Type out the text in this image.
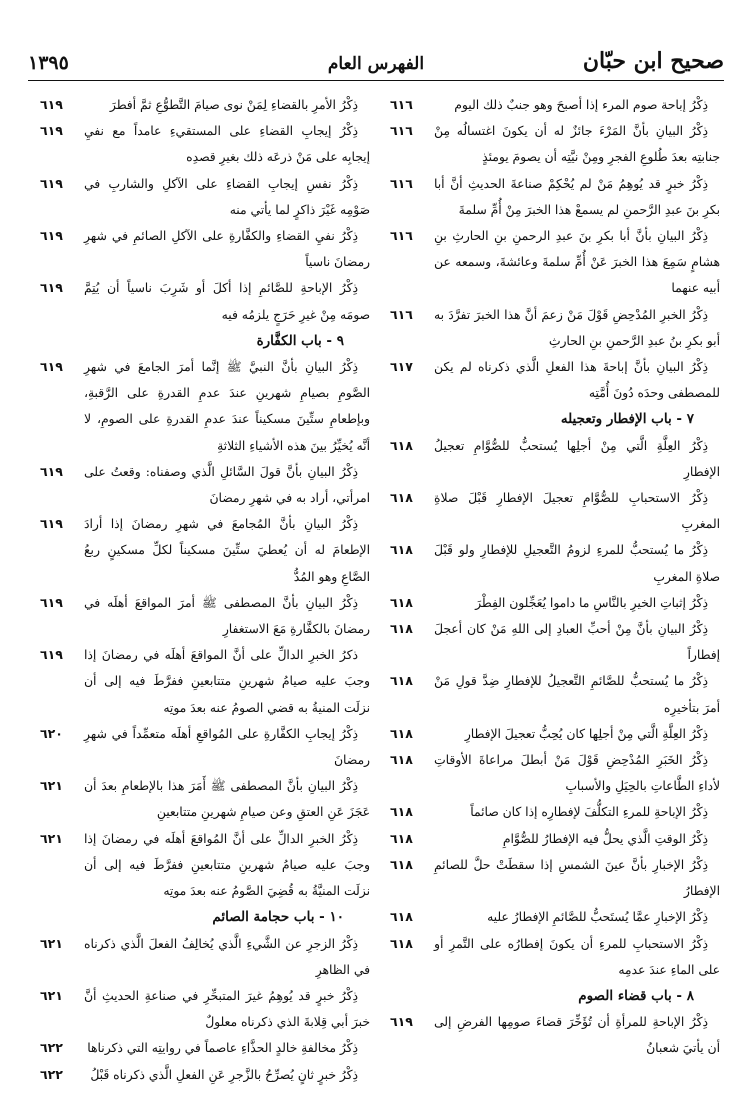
صحيح ابن حبّان
الفهرس العام
١٣٩٥
ذِكْرُ إباحة صوم المرء إذا أصبحَ وهو جنبٌ ذلك اليوم
٦١٦
ذِكْرُ البيانِ بأنَّ المَرْءَ جائزٌ له أن يكونَ اغتسالُه مِنْ جنابتِه بعدَ طُلوعِ الفجرِ ومِنْ نيَّتِه أن يصومَ يومئذٍ
٦١٦
ذِكْرُ خبرٍ قد يُوهِمُ مَنْ لم يُحْكِمْ صناعةَ الحديثِ أنَّ أبا بكرِ بنَ عبدِ الرَّحمنِ لم يسمعْ هذا الخبرَ مِنْ أُمِّ سلمةَ
٦١٦
ذِكْرُ البيانِ بأنَّ أبا بكرِ بنَ عبدِ الرحمنِ بنِ الحارثِ بنِ هشامٍ سَمِعَ هذا الخبرَ عَنْ أُمِّ سلمةَ وعائشةَ، وسمعه عن أبيه عنهما
٦١٦
ذِكْرُ الخبرِ المُدْحِضِ قَوْلَ مَنْ زعمَ أنَّ هذا الخبرَ تفرَّدَ به أبو بكرِ بنُ عبدِ الرَّحمنِ بنِ الحارثِ
٦١٦
ذِكْرُ البيانِ بأنَّ إباحةَ هذا الفعلِ الَّذي ذكرناه لم يكن للمصطفى وحدَه دُونَ أُمَّتِه
٦١٧
٧ - باب الإفطار وتعجيله
ذِكْرُ العِلَّةِ الَّتي مِنْ أجلِها يُستحبُّ للصُّوَّامِ تعجيلُ الإفطارِ
٦١٨
ذِكْرُ الاستحبابِ للصُّوَّامِ تعجيلَ الإفطارِ قَبْلَ صلاةِ المغربِ
٦١٨
ذِكْرُ ما يُستحبُّ للمرءِ لزومُ التَّعجيلِ للإفطارِ ولو قَبْلَ صلاةِ المغربِ
٦١٨
ذِكْرُ إثباتِ الخيرِ بالنَّاسِ ما داموا يُعَجِّلون الفِطْرَ
٦١٨
ذِكْرُ البيانِ بأنَّ مِنْ أحبِّ العبادِ إلى اللهِ مَنْ كان أعجلَ إفطاراً
٦١٨
ذِكْرُ ما يُستحبُّ للصَّائمِ التَّعجيلُ للإفطارِ ضِدَّ قولِ مَنْ أمرَ بتأخيرِه
٦١٨
ذِكْرُ العِلَّةِ الَّتي مِنْ أجلِها كان يُحِبُّ تعجيلَ الإفطارِ
٦١٨
ذِكْرُ الخَبَرِ المُدْحِضِ قَوْلَ مَنْ أبطلَ مراعاةَ الأوقاتِ لأداءِ الطَّاعاتِ بالحِيَلِ والأسبابِ
٦١٨
ذِكْرُ الإباحةِ للمرءِ التكلُّفَ لإفطارِه إذا كان صائماً
٦١٨
ذِكْرُ الوقتِ الَّذي يحلُّ فيه الإفطارُ للصُّوَّامِ
٦١٨
ذِكْرُ الإخبارِ بأنَّ عينَ الشمسِ إذا سقطَتْ حلَّ للصائمِ الإفطارُ
٦١٨
ذِكْرُ الإخبارِ عمَّا يُستَحبُّ للصَّائمِ الإفطارُ عليه
٦١٨
ذِكْرُ الاستحبابِ للمرءِ أن يكونَ إفطارُه على التَّمرِ أو على الماءِ عندَ عدمِه
٦١٨
٨ - باب قضاء الصوم
ذِكْرُ الإباحةِ للمرأةِ أن تُؤَخِّرَ قضاءَ صومِها الفرضِ إلى أن يأتيَ شعبانُ
٦١٩
ذِكْرُ الأمرِ بالقضاءِ لِمَنْ نوى صيامَ التَّطوُّعِ ثمَّ أفطرَ
٦١٩
ذِكْرُ إيجابِ القضاءِ على المستقيءِ عامداً مع نفيِ إيجابِه على مَنْ ذرعَه ذلك بغيرِ قصدِه
٦١٩
ذِكْرُ نفسِ إيجابِ القضاءِ على الآكلِ والشاربِ في صَوْمِه غَيْرَ ذاكرٍ لما يأتي منه
٦١٩
ذِكْرُ نفيِ القضاءِ والكفَّارةِ على الآكلِ الصائمِ في شهرِ رمضانَ ناسياً
٦١٩
ذِكْرُ الإباحةِ للصَّائمِ إذا أكلَ أو شَرِبَ ناسياً أن يُتِمَّ صومَه مِنْ غيرِ حَرَجٍ يلزمُه فيه
٦١٩
٩ - باب الكفَّارة
ذِكْرُ البيانِ بأنَّ النبيَّ ﷺ إنَّما أمرَ الجامعَ في شهرِ الصَّومِ بصيامِ شهرينِ عندَ عدمِ القدرةِ على الرَّقبةِ، وبإطعامِ ستِّينَ مسكيناً عندَ عدمِ القدرةِ على الصومِ، لا أنَّه يُخيِّرُ بينَ هذه الأشياءِ الثلاثةِ
٦١٩
ذِكْرُ البيانِ بأنَّ قولَ السَّائلِ الَّذي وصفناه: وقعتُ على امرأتي، أراد به في شهرِ رمضانَ
٦١٩
ذِكْرُ البيانِ بأنَّ المُجامعَ في شهرِ رمضانَ إذا أرادَ الإطعامَ له أن يُعطيَ ستِّينَ مسكيناً لكلِّ مسكينٍ ربعُ الصَّاعِ وهو المُدُّ
٦١٩
ذِكْرُ البيانِ بأنَّ المصطفى ﷺ أمرَ المواقعَ أهلَه في رمضانَ بالكفَّارةِ مَعَ الاستغفارِ
٦١٩
ذكرُ الخبرِ الدالِّ على أنَّ المواقعَ أهلَه في رمضانَ إذا وجبَ عليه صيامُ شهرينِ متتابعينِ ففرَّطَ فيه إلى أن نزلَت المنيةُ به قضي الصومُ عنه بعدَ موتِه
٦١٩
ذِكْرُ إيجابِ الكفَّارةِ على المُواقعِ أهلَه متعمِّداً في شهرِ رمضانَ
٦٢٠
ذِكْرُ البيانِ بأنَّ المصطفى ﷺ أَمَرَ هذا بالإطعامِ بعدَ أن عَجَزَ عَنِ العتقِ وعن صيامِ شهرينِ متتابعينِ
٦٢١
ذِكْرُ الخبرِ الدالِّ على أنَّ المُواقعَ أهلَه في رمضانَ إذا وجبَ عليه صيامُ شهرينِ متتابعينِ ففرَّطَ فيه إلى أن نزلَت المنيَّةُ به قُضِيَ الصَّومُ عنه بعدَ موتِه
٦٢١
١٠ - باب حجامة الصائم
ذِكْرُ الزجرِ عن الشَّيءِ الَّذي يُخالِفُ الفعلَ الَّذي ذكرناه في الظاهرِ
٦٢١
ذِكْرُ خبرٍ قد يُوهِمُ غيرَ المتبحِّرِ في صناعةِ الحديثِ أنَّ خبرَ أبي قِلابةَ الذي ذكرناه معلولٌ
٦٢١
ذِكْرُ مخالفةِ خالدٍ الحذَّاءِ عاصماً في روايتِه التي ذكرناها
٦٢٢
ذِكْرُ خبرٍ ثانٍ يُصرِّحُ بالزَّجرِ عَنِ الفعلِ الَّذي ذكرناه قَبْلُ
٦٢٢
